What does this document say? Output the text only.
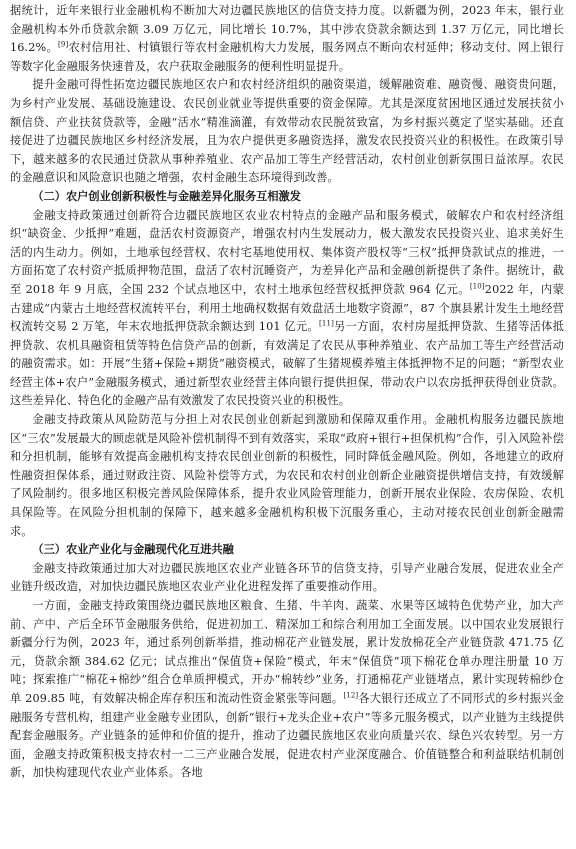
据统计，近年来银行业金融机构不断加大对边疆民族地区的信贷支持力度。以新疆为例，2023 年末，银行业金融机构本外币贷款余额 3.09 万亿元，同比增长 10.7%，其中涉农贷款余额达到 1.37 万亿元，同比增长 16.2%。[9]农村信用社、村镇银行等农村金融机构大力发展，服务网点不断向农村延伸；移动支付、网上银行等数字化金融服务快速普及，农户获取金融服务的便利性明显提升。

提升金融可得性拓宽边疆民族地区农户和农村经济组织的融资渠道，缓解融资难、融资慢、融资贵问题，为乡村产业发展、基础设施建设、农民创业就业等提供重要的资金保障。尤其是深度贫困地区通过发展扶贫小额信贷、产业扶贫贷款等，金融“活水”精准滴灌，有效带动农民脱贫致富，为乡村振兴奠定了坚实基础。还直接促进了边疆民族地区乡村经济发展，且为农户提供更多融资选择，激发农民投资兴业的积极性。在政策引导下，越来越多的农民通过贷款从事种养殖业、农产品加工等生产经营活动，农村创业创新氛围日益浓厚。农民的金融意识和风险意识也随之增强，农村金融生态环境得到改善。

（二）农户创业创新积极性与金融差异化服务互相激发

金融支持政策通过创新符合边疆民族地区农业农村特点的金融产品和服务模式，破解农户和农村经济组织“缺资金、少抵押”难题，盘活农村资源资产，增强农村内生发展动力，极大激发农民投资兴业、追求美好生活的内生动力。例如，土地承包经营权、农村宅基地使用权、集体资产股权等“三权”抵押贷款试点的推进，一方面拓宽了农村资产抵质押物范围，盘活了农村沉睡资产，为差异化产品和金融创新提供了条件。据统计，截至 2018 年 9 月底，全国 232 个试点地区中，农村土地承包经营权抵押贷款 964 亿元。[10]2022 年，内蒙古建成“内蒙古土地经营权流转平台，利用土地确权数据有效盘活土地数字资源”，87 个旗县累计发生土地经营权流转交易 2 万笔，年末农地抵押贷款余额达到 101 亿元。[11]另一方面，农村房屋抵押贷款、生猪等活体抵押贷款、农机具融资租赁等特色信贷产品的创新，有效满足了农民从事种养殖业、农产品加工等生产经营活动的融资需求。如：开展“生猪+保险+期货”融资模式，破解了生猪规模养殖主体抵押物不足的问题；“新型农业经营主体+农户”金融服务模式，通过新型农业经营主体向银行提供担保，带动农户以农房抵押获得创业贷款。这些差异化、特色化的金融产品有效激发了农民投资兴业的积极性。

金融支持政策从风险防范与分担上对农民创业创新起到激励和保障双重作用。金融机构服务边疆民族地区“三农”发展最大的顾虑就是风险补偿机制得不到有效落实，采取“政府+银行+担保机构”合作，引入风险补偿和分担机制，能够有效提高金融机构支持农民创业创新的积极性，同时降低金融风险。例如，各地建立的政府性融资担保体系，通过财政注资、风险补偿等方式，为农民和农村创业创新企业融资提供增信支持，有效缓解了风险制约。很多地区积极完善风险保障体系，提升农业风险管理能力，创新开展农业保险、农房保险、农机具保险等。在风险分担机制的保障下，越来越多金融机构积极下沉服务重心，主动对接农民创业创新金融需求。

（三）农业产业化与金融现代化互进共融

金融支持政策通过加大对边疆民族地区农业产业链各环节的信贷支持，引导产业融合发展，促进农业全产业链升级改造，对加快边疆民族地区农业产业化进程发挥了重要推动作用。

一方面，金融支持政策围绕边疆民族地区粮食、生猪、牛羊肉、蔬菜、水果等区域特色优势产业，加大产前、产中、产后全环节金融服务供给，促进初加工、精深加工和综合利用加工全面发展。以中国农业发展银行新疆分行为例，2023 年，通过系列创新举措，推动棉花产业链发展，累计发放棉花全产业链贷款 471.75 亿元，贷款余额 384.62 亿元；试点推出“保值贷+保险”模式，年末“保值贷”项下棉花仓单办理注册量 10 万吨；探索推广“棉花+棉纱”组合仓单质押模式，开办“棉转纱”业务，打通棉花产业链堵点，累计实现转棉纱仓单 209.85 吨，有效解决棉企库存积压和流动性资金紧张等问题。[12]各大银行还成立了不同形式的乡村振兴金融服务专营机构，组建产业金融专业团队，创新“银行+龙头企业+农户”等多元服务模式，以产业链为主线提供配套金融服务。产业链条的延伸和价值的提升，推动了边疆民族地区农业向质量兴农、绿色兴农转型。另一方面，金融支持政策积极支持农村一二三产业融合发展，促进农村产业深度融合、价值链整合和利益联结机制创新，加快构建现代农业产业体系。各地
